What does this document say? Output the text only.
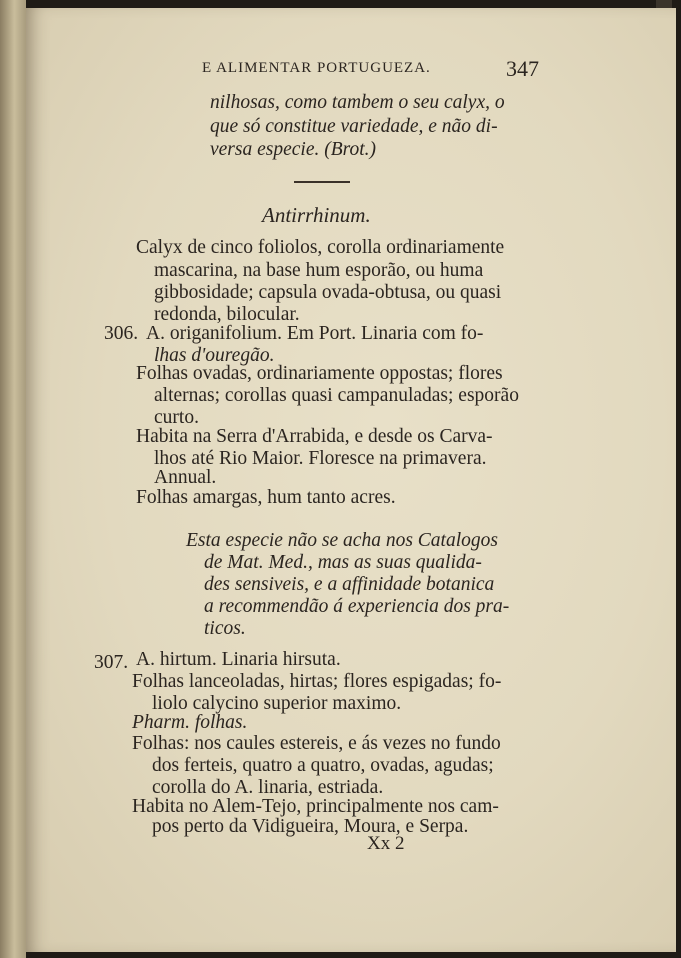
E ALIMENTAR PORTUGUEZA.	347
nilhosas, como tambem o seu calyx, o
que só constitue variedade, e não di-
versa especie. (Brot.)
Antirrhinum.
Calyx de cinco foliolos, corolla ordinariamente
mascarina, na base hum esporão, ou huma
gibbosidade; capsula ovada-obtusa, ou quasi
redonda, bilocular.
306. A. origanifolium. Em Port. Linaria com fo-
lhas d'ouregão.
Folhas ovadas, ordinariamente oppostas; flores
alternas; corollas quasi campanuladas; esporão
curto.
Habita na Serra d'Arrabida, e desde os Carva-
lhos até Rio Maior. Floresce na primavera.
Annual.
Folhas amargas, hum tanto acres.
Esta especie não se acha nos Catalogos
de Mat. Med., mas as suas qualida-
des sensiveis, e a affinidade botanica
a recommendão á experiencia dos pra-
ticos.
307. A. hirtum. Linaria hirsuta.
Folhas lanceoladas, hirtas; flores espigadas; fo-
liolo calycino superior maximo.
Pharm. folhas.
Folhas: nos caules estereis, e ás vezes no fundo
dos ferteis, quatro a quatro, ovadas, agudas;
corolla do A. linaria, estriada.
Habita no Alem-Tejo, principalmente nos cam-
pos perto da Vidigueira, Moura, e Serpa.
Xx 2
